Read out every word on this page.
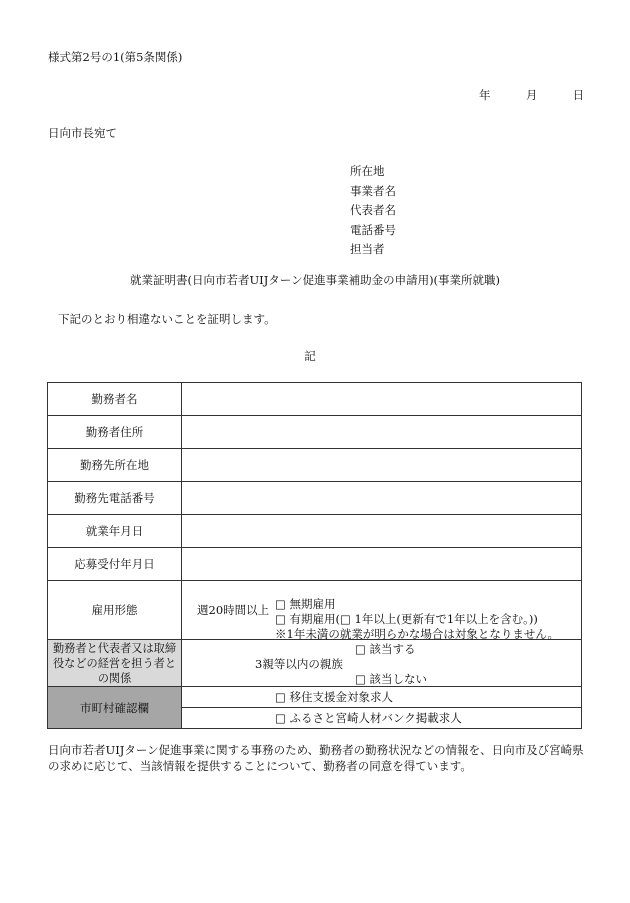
様式第2号の1(第5条関係)
年	月	日
日向市長宛て
所在地
事業者名
代表者名
電話番号
担当者
就業証明書(日向市若者UIJターン促進事業補助金の申請用)(事業所就職)
下記のとおり相違ないことを証明します。
記
勤務者名	
勤務者住所	
勤務先所在地	
勤務先電話番号	
就業年月日	
応募受付年月日	
雇用形態	週20時間以上 □ 無期雇用
□ 有期雇用(□ 1年以上(更新有で1年以上を含む。))
※1年未満の就業が明らかな場合は対象となりません。

勤務者と代表者又は取締役などの経営を担う者との関係	□ 該当する
3親等以内の親族
□ 該当しない

市町村確認欄	□ 移住支援金対象求人
	□ ふるさと宮崎人材バンク掲載求人
日向市若者UIJターン促進事業に関する事務のため、勤務者の勤務状況などの情報を、日向市及び宮崎県の求めに応じて、当該情報を提供することについて、勤務者の同意を得ています。
